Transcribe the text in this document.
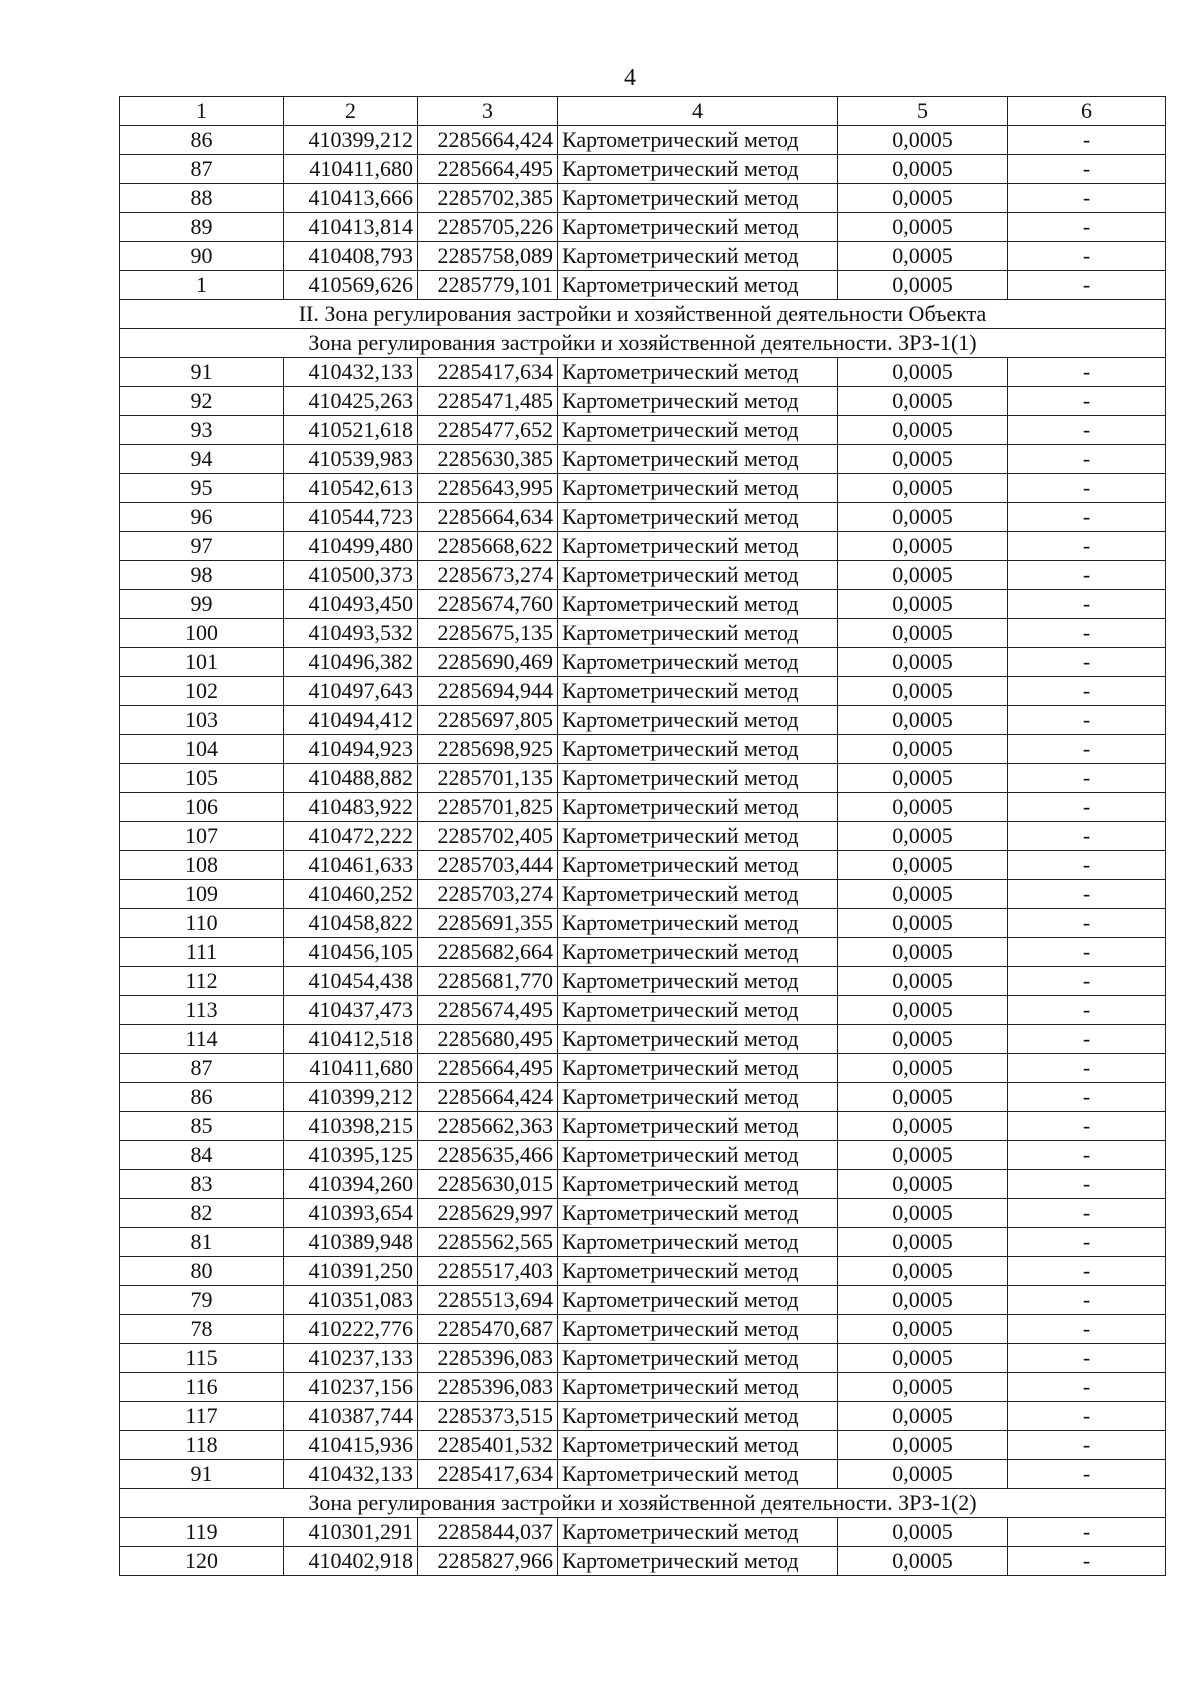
4
1	2	3	4	5	6
86	410399,212	2285664,424	Картометрический метод	0,0005	-
87	410411,680	2285664,495	Картометрический метод	0,0005	-
88	410413,666	2285702,385	Картометрический метод	0,0005	-
89	410413,814	2285705,226	Картометрический метод	0,0005	-
90	410408,793	2285758,089	Картометрический метод	0,0005	-
1	410569,626	2285779,101	Картометрический метод	0,0005	-
II. Зона регулирования застройки и хозяйственной деятельности Объекта					
Зона регулирования застройки и хозяйственной деятельности. ЗРЗ-1(1)					
91	410432,133	2285417,634	Картометрический метод	0,0005	-
92	410425,263	2285471,485	Картометрический метод	0,0005	-
93	410521,618	2285477,652	Картометрический метод	0,0005	-
94	410539,983	2285630,385	Картометрический метод	0,0005	-
95	410542,613	2285643,995	Картометрический метод	0,0005	-
96	410544,723	2285664,634	Картометрический метод	0,0005	-
97	410499,480	2285668,622	Картометрический метод	0,0005	-
98	410500,373	2285673,274	Картометрический метод	0,0005	-
99	410493,450	2285674,760	Картометрический метод	0,0005	-
100	410493,532	2285675,135	Картометрический метод	0,0005	-
101	410496,382	2285690,469	Картометрический метод	0,0005	-
102	410497,643	2285694,944	Картометрический метод	0,0005	-
103	410494,412	2285697,805	Картометрический метод	0,0005	-
104	410494,923	2285698,925	Картометрический метод	0,0005	-
105	410488,882	2285701,135	Картометрический метод	0,0005	-
106	410483,922	2285701,825	Картометрический метод	0,0005	-
107	410472,222	2285702,405	Картометрический метод	0,0005	-
108	410461,633	2285703,444	Картометрический метод	0,0005	-
109	410460,252	2285703,274	Картометрический метод	0,0005	-
110	410458,822	2285691,355	Картометрический метод	0,0005	-
111	410456,105	2285682,664	Картометрический метод	0,0005	-
112	410454,438	2285681,770	Картометрический метод	0,0005	-
113	410437,473	2285674,495	Картометрический метод	0,0005	-
114	410412,518	2285680,495	Картометрический метод	0,0005	-
87	410411,680	2285664,495	Картометрический метод	0,0005	-
86	410399,212	2285664,424	Картометрический метод	0,0005	-
85	410398,215	2285662,363	Картометрический метод	0,0005	-
84	410395,125	2285635,466	Картометрический метод	0,0005	-
83	410394,260	2285630,015	Картометрический метод	0,0005	-
82	410393,654	2285629,997	Картометрический метод	0,0005	-
81	410389,948	2285562,565	Картометрический метод	0,0005	-
80	410391,250	2285517,403	Картометрический метод	0,0005	-
79	410351,083	2285513,694	Картометрический метод	0,0005	-
78	410222,776	2285470,687	Картометрический метод	0,0005	-
115	410237,133	2285396,083	Картометрический метод	0,0005	-
116	410237,156	2285396,083	Картометрический метод	0,0005	-
117	410387,744	2285373,515	Картометрический метод	0,0005	-
118	410415,936	2285401,532	Картометрический метод	0,0005	-
91	410432,133	2285417,634	Картометрический метод	0,0005	-
Зона регулирования застройки и хозяйственной деятельности. ЗРЗ-1(2)					
119	410301,291	2285844,037	Картометрический метод	0,0005	-
120	410402,918	2285827,966	Картометрический метод	0,0005	-
